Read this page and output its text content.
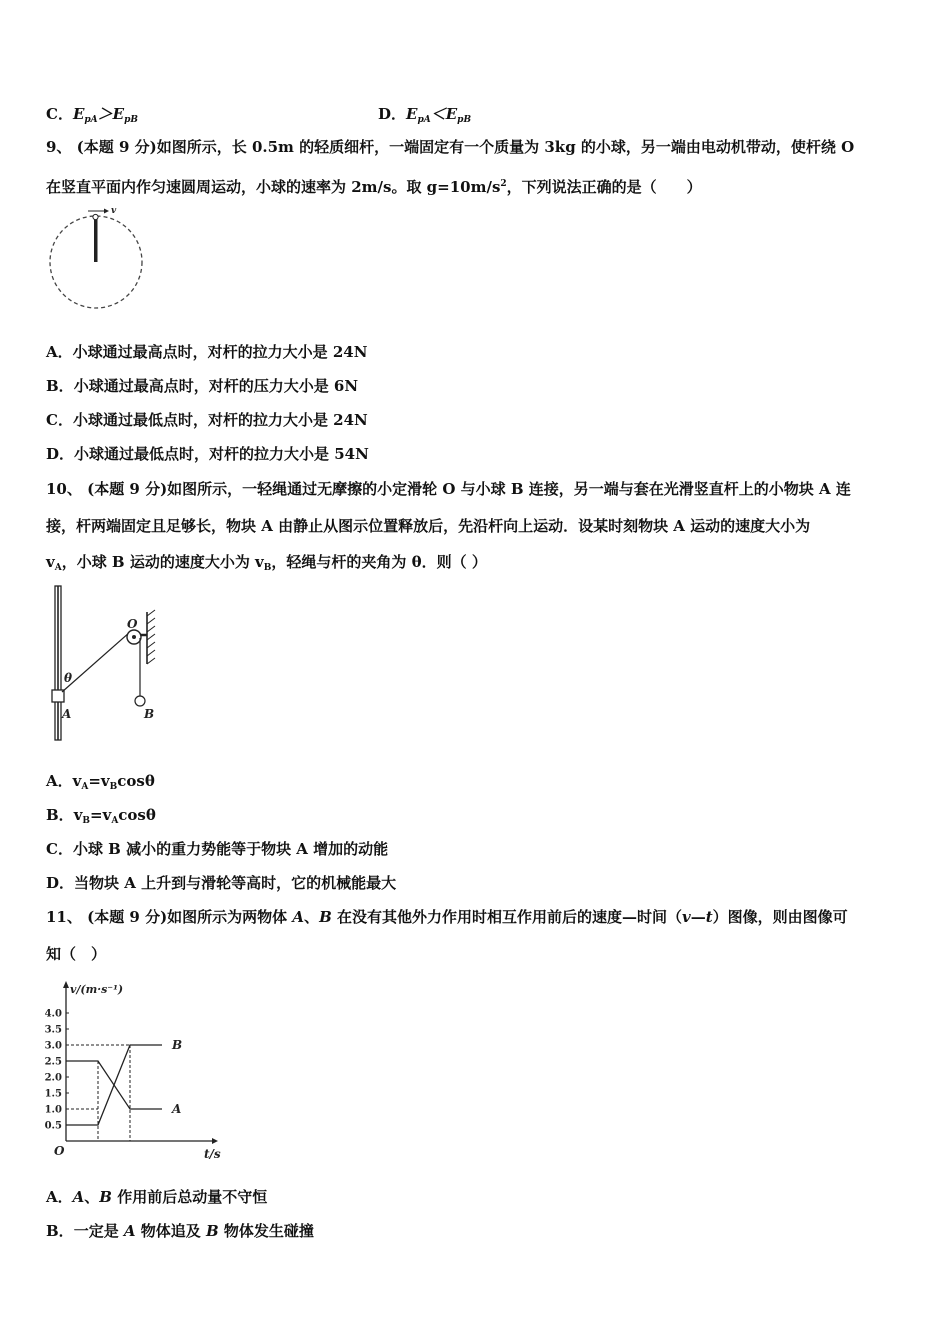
C．$E_{pA}>E_{pB}$	D．$E_{pA}<E_{pB}$
9、 (本题 9 分)如图所示，长 0.5m 的轻质细杆，一端固定有一个质量为 3kg 的小球，另一端由电动机带动，使杆绕 O
在竖直平面内作匀速圆周运动，小球的速率为 2m/s。取 $g=10m/s^2$，下列说法正确的是（　　）
v
A．小球通过最高点时，对杆的拉力大小是 24N
B．小球通过最高点时，对杆的压力大小是 6N
C．小球通过最低点时，对杆的拉力大小是 24N
D．小球通过最低点时，对杆的拉力大小是 54N
10、 (本题 9 分)如图所示，一轻绳通过无摩擦的小定滑轮 O 与小球 B 连接，另一端与套在光滑竖直杆上的小物块 A 连
接，杆两端固定且足够长，物块 A 由静止从图示位置释放后，先沿杆向上运动．设某时刻物块 A 运动的速度大小为
$v_A$，小球 B 运动的速度大小为 $v_B$，轻绳与杆的夹角为 θ．则（ ）
O
θ
A	B
A．$v_A=v_B\cos\theta$
B．$v_B=v_A\cos\theta$
C．小球 B 减小的重力势能等于物块 A 增加的动能
D．当物块 A 上升到与滑轮等高时，它的机械能最大
11、 (本题 9 分)如图所示为两物体 A、B 在没有其他外力作用时相互作用前后的速度—时间（v—t）图像，则由图像可
知（　）
v/(m·s⁻¹)
t/s
O
0.5
1.0
1.5
2.0
2.5
3.0
3.5
4.0
A
B
A．A、B 作用前后总动量不守恒
B．一定是 A 物体追及 B 物体发生碰撞
